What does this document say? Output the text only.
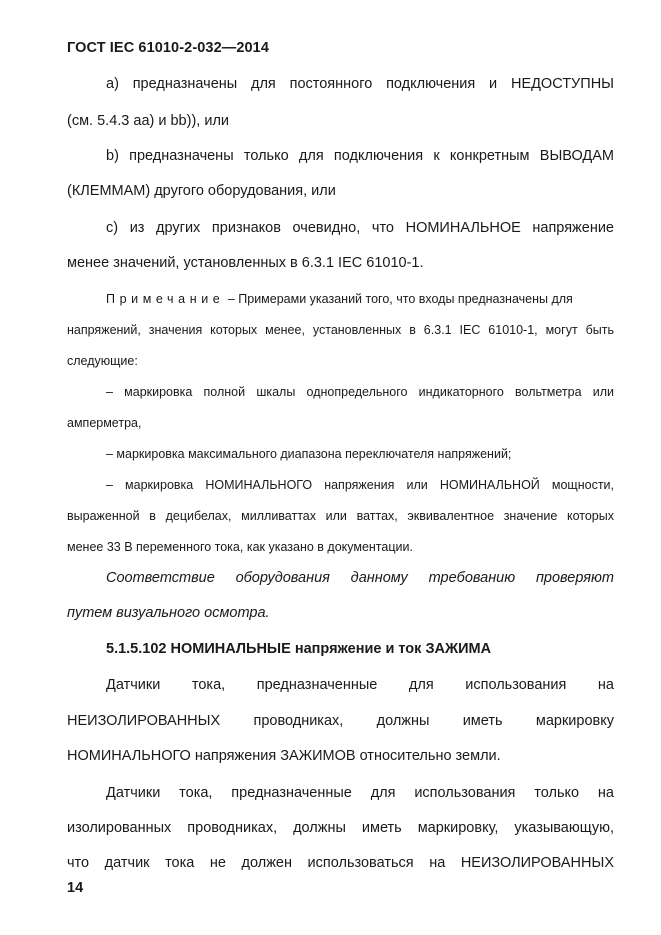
ГОСТ IEC 61010-2-032—2014
a) предназначены для постоянного подключения и НЕДОСТУПНЫ
(см. 5.4.3 аа) и bb)), или
b) предназначены только для подключения к конкретным ВЫВОДАМ
(КЛЕММАМ) другого оборудования, или
c) из других признаков очевидно, что НОМИНАЛЬНОЕ напряжение
менее значений, установленных в 6.3.1 IEC 61010-1.
Примечание – Примерами указаний того, что входы предназначены для
напряжений, значения которых менее, установленных в 6.3.1 IEC 61010-1, могут быть
следующие:
– маркировка полной шкалы однопредельного индикаторного вольтметра или
амперметра,
– маркировка максимального диапазона переключателя напряжений;
– маркировка НОМИНАЛЬНОГО напряжения или НОМИНАЛЬНОЙ мощности,
выраженной в децибелах, милливаттах или ваттах, эквивалентное значение которых
менее 33 В переменного тока, как указано в документации.
Соответствие оборудования данному требованию проверяют
путем визуального осмотра.
5.1.5.102 НОМИНАЛЬНЫЕ напряжение и ток ЗАЖИМА
Датчики тока, предназначенные для использования на
НЕИЗОЛИРОВАННЫХ проводниках, должны иметь маркировку
НОМИНАЛЬНОГО напряжения ЗАЖИМОВ относительно земли.
Датчики тока, предназначенные для использования только на
изолированных проводниках, должны иметь маркировку, указывающую,
что датчик тока не должен использоваться на НЕИЗОЛИРОВАННЫХ
14
